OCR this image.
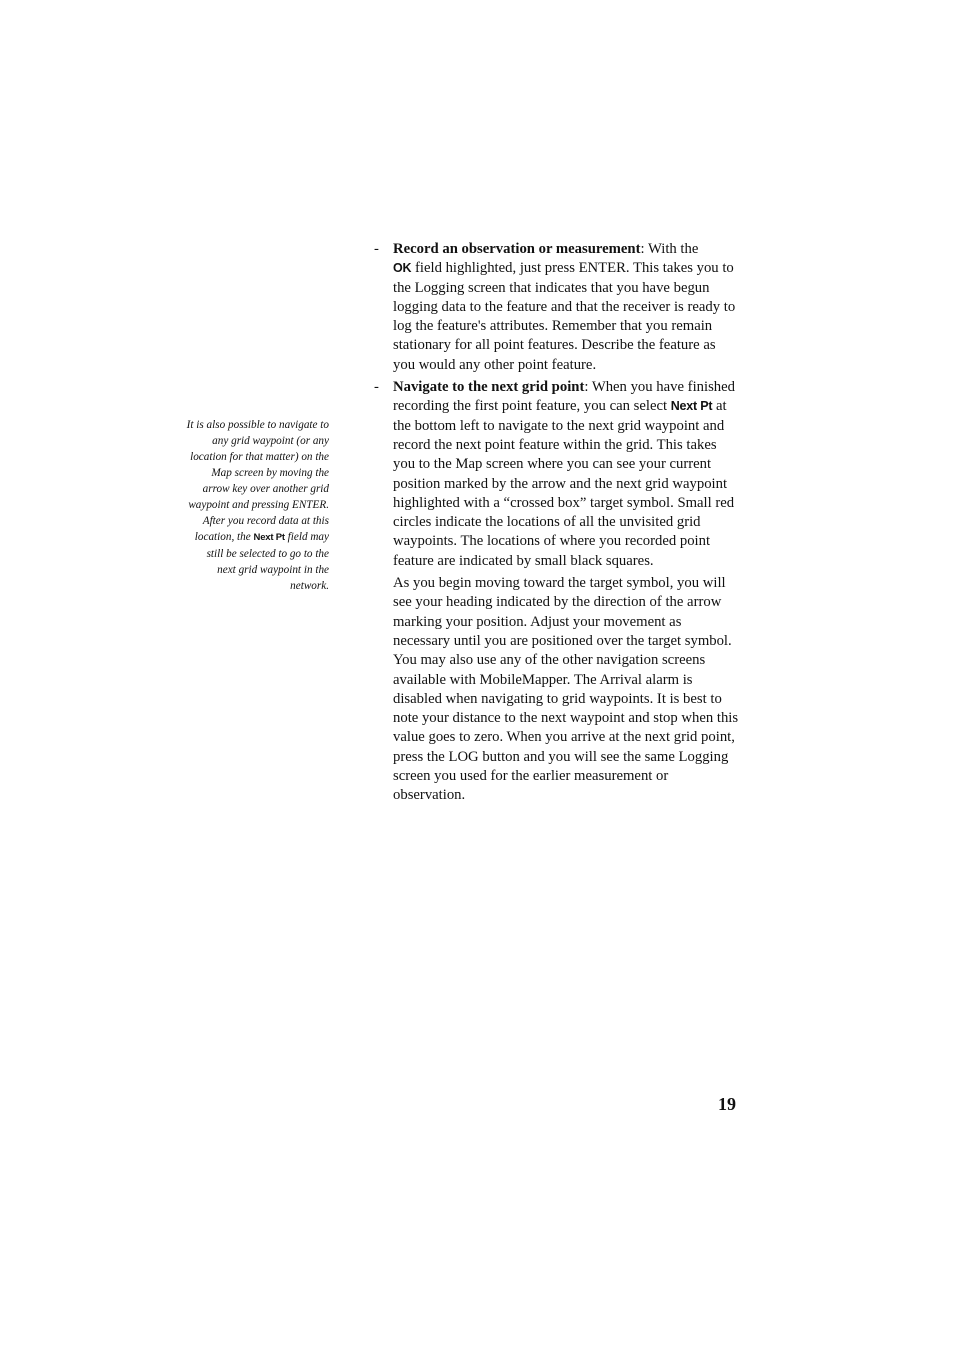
It is also possible to navigate to any grid waypoint (or any location for that matter) on the Map screen by moving the arrow key over another grid waypoint and pressing ENTER. After you record data at this location, the Next Pt field may still be selected to go to the next grid waypoint in the network.
- Record an observation or measurement: With the
OK field highlighted, just press ENTER. This takes you to the Logging screen that indicates that you have begun logging data to the feature and that the receiver is ready to log the feature's attributes. Remember that you remain stationary for all point features. Describe the feature as you would any other point feature.
- Navigate to the next grid point: When you have finished recording the first point feature, you can select Next Pt at the bottom left to navigate to the next grid waypoint and record the next point feature within the grid. This takes you to the Map screen where you can see your current position marked by the arrow and the next grid waypoint highlighted with a “crossed box” target symbol. Small red circles indicate the locations of all the unvisited grid waypoints. The locations of where you recorded point feature are indicated by small black squares.

As you begin moving toward the target symbol, you will see your heading indicated by the direction of the arrow marking your position. Adjust your movement as necessary until you are positioned over the target symbol. You may also use any of the other navigation screens available with MobileMapper. The Arrival alarm is disabled when navigating to grid waypoints. It is best to note your distance to the next waypoint and stop when this value goes to zero. When you arrive at the next grid point, press the LOG button and you will see the same Logging screen you used for the earlier measurement or observation.

19
